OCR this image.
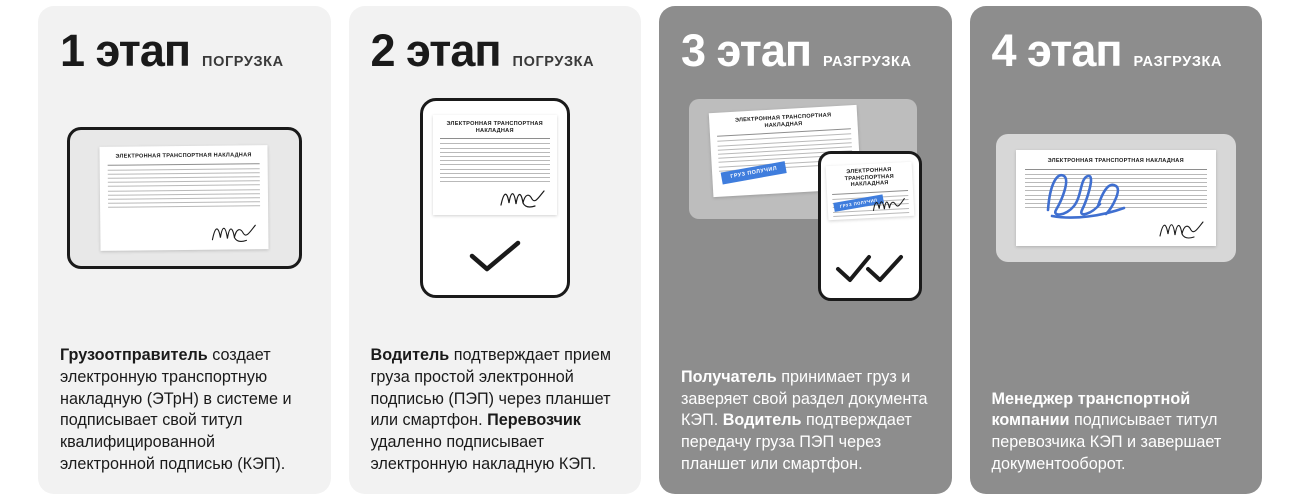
1 этап ПОГРУЗКА
ЭЛЕКТРОННАЯ ТРАНСПОРТНАЯ НАКЛАДНАЯ
Грузоотправитель создает электронную транспортную накладную (ЭТрН) в системе и подписывает свой титул квалифицированной электронной подписью (КЭП).
2 этап ПОГРУЗКА
ЭЛЕКТРОННАЯ ТРАНСПОРТНАЯ НАКЛАДНАЯ
Водитель подтверждает прием груза простой электронной подписью (ПЭП) через планшет или смартфон. Перевозчик удаленно подписывает электронную накладную КЭП.
3 этап РАЗГРУЗКА
ЭЛЕКТРОННАЯ ТРАНСПОРТНАЯ НАКЛАДНАЯ
ГРУЗ ПОЛУЧИЛ	ЭЛЕКТРОННАЯ ТРАНСПОРТНАЯ НАКЛАДНАЯ
ГРУЗ ПОЛУЧИЛ
Получатель принимает груз и заверяет свой раздел документа КЭП. Водитель подтверждает передачу груза ПЭП через планшет или смартфон.
4 этап РАЗГРУЗКА
ЭЛЕКТРОННАЯ ТРАНСПОРТНАЯ НАКЛАДНАЯ
Менеджер транспортной компании подписывает титул перевозчика КЭП и завершает документооборот.
